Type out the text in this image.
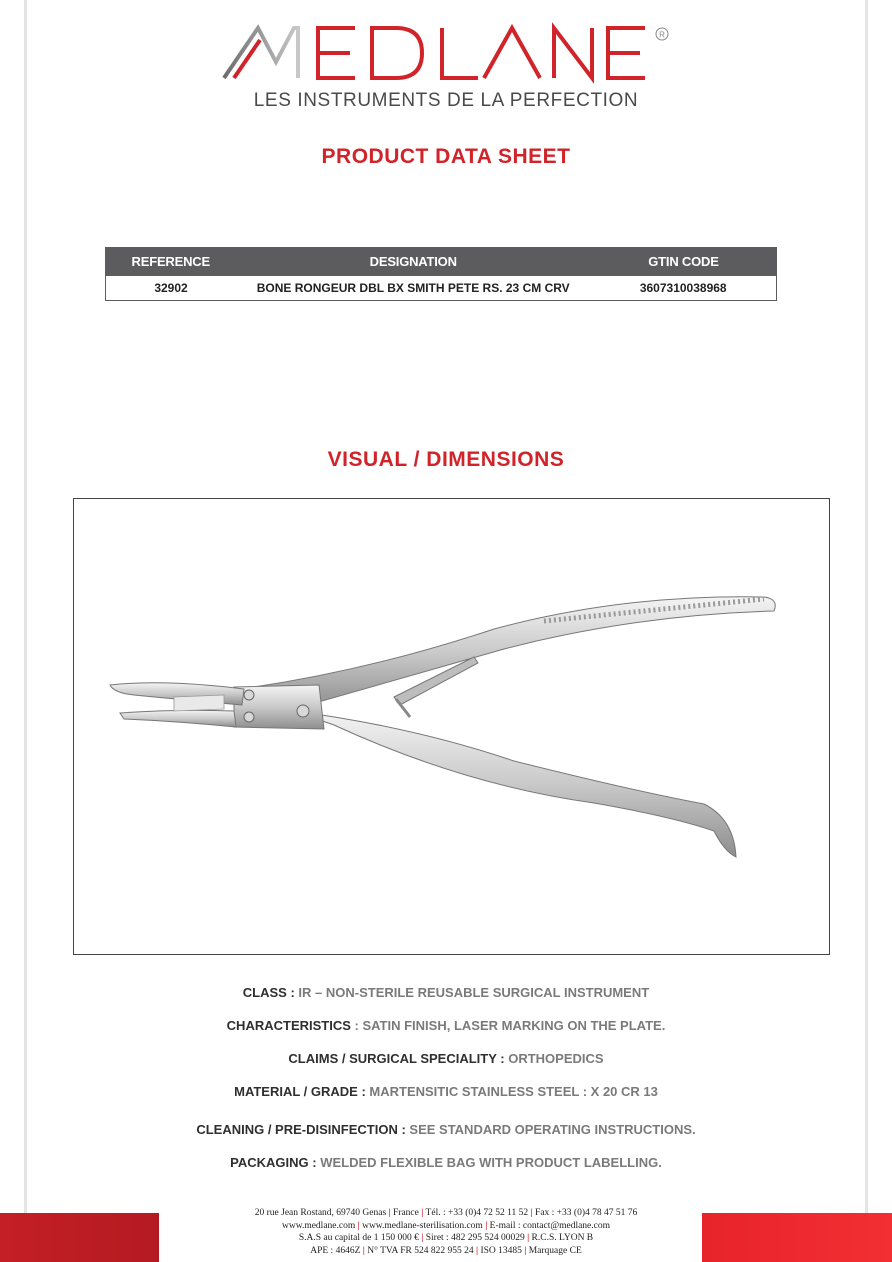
R
LES INSTRUMENTS DE LA PERFECTION
PRODUCT DATA SHEET
REFERENCE	DESIGNATION	GTIN CODE
32902	BONE RONGEUR DBL BX SMITH PETE RS. 23 CM CRV	3607310038968
VISUAL / DIMENSIONS
CLASS : IR – NON-STERILE REUSABLE SURGICAL INSTRUMENT
CHARACTERISTICS : SATIN FINISH, LASER MARKING ON THE PLATE.
CLAIMS / SURGICAL SPECIALITY : ORTHOPEDICS
MATERIAL / GRADE : MARTENSITIC STAINLESS STEEL : X 20 CR 13
CLEANING / PRE-DISINFECTION : SEE STANDARD OPERATING INSTRUCTIONS.
PACKAGING : WELDED FLEXIBLE BAG WITH PRODUCT LABELLING.
20 rue Jean Rostand, 69740 Genas | France | Tél. : +33 (0)4 72 52 11 52 | Fax : +33 (0)4 78 47 51 76
www.medlane.com | www.medlane-sterilisation.com | E-mail : contact@medlane.com
S.A.S au capital de 1 150 000 € | Siret : 482 295 524 00029 | R.C.S. LYON B
APE : 4646Z | N° TVA FR 524 822 955 24 | ISO 13485 | Marquage CE
